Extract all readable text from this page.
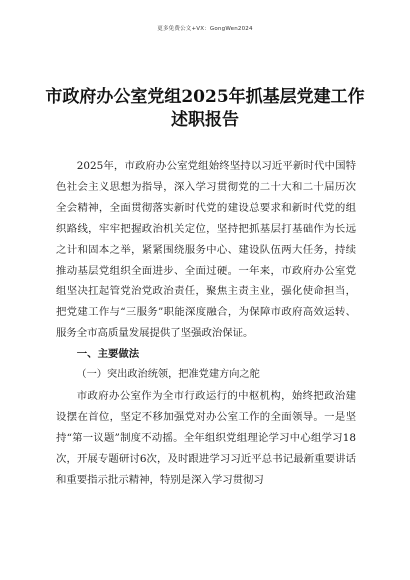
更多免费公文+VX：GongWen2024
市政府办公室党组2025年抓基层党建工作述职报告

2025年，市政府办公室党组始终坚持以习近平新时代中国特色社会主义思想为指导，深入学习贯彻党的二十大和二十届历次全会精神，全面贯彻落实新时代党的建设总要求和新时代党的组织路线，牢牢把握政治机关定位，坚持把抓基层打基础作为长远之计和固本之举，紧紧围绕服务中心、建设队伍两大任务，持续推动基层党组织全面进步、全面过硬。一年来，市政府办公室党组坚决扛起管党治党政治责任，聚焦主责主业，强化使命担当，把党建工作与“三服务”职能深度融合，为保障市政府高效运转、服务全市高质量发展提供了坚强政治保证。

一、主要做法

（一）突出政治统领，把准党建方向之舵

市政府办公室作为全市行政运行的中枢机构，始终把政治建设摆在首位，坚定不移加强党对办公室工作的全面领导。一是坚持“第一议题”制度不动摇。全年组织党组理论学习中心组学习18次，开展专题研讨6次，及时跟进学习习近平总书记最新重要讲话和重要指示批示精神，特别是深入学习贯彻习
